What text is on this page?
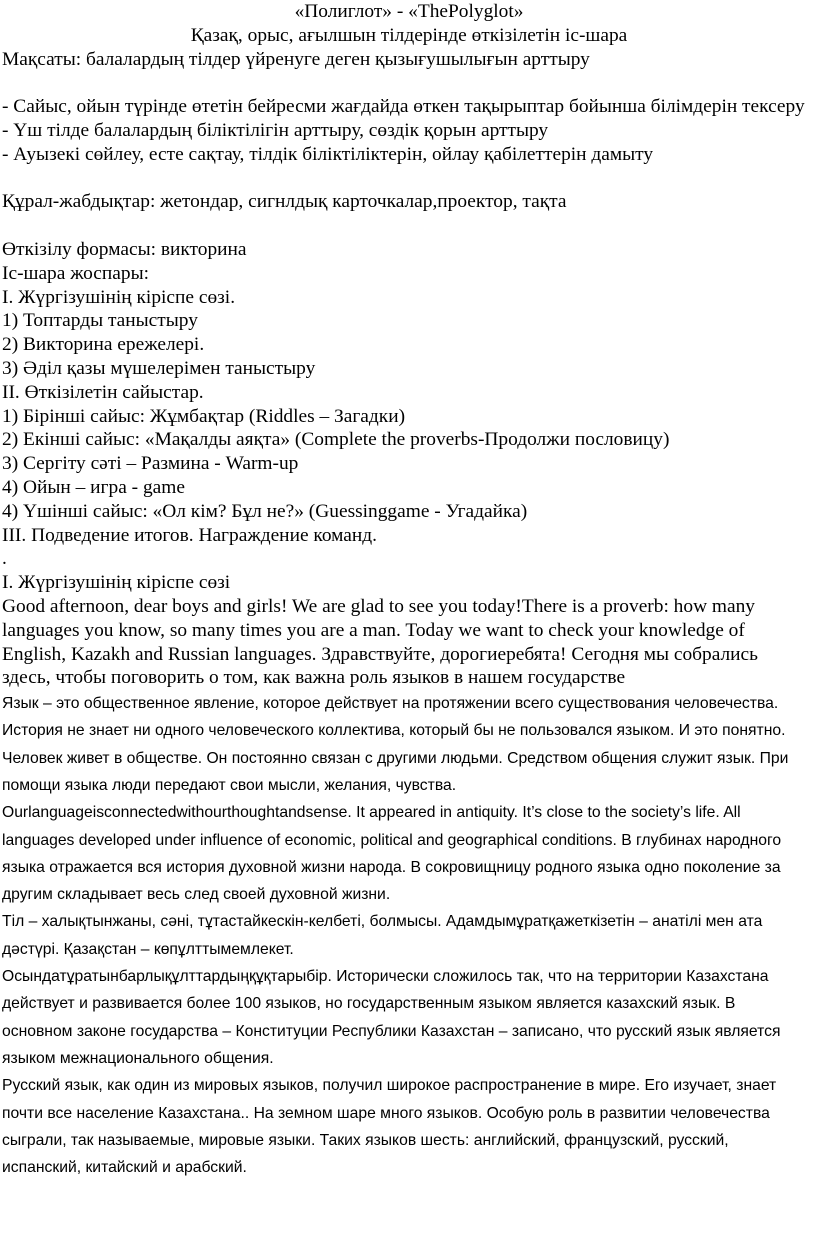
«Полиглот» - «ThePolyglot»
Қазақ, орыс, ағылшын тілдерінде өткізілетін іс-шара
Мақсаты: балалардың тілдер үйренуге деген қызығушылығын арттыру
- Сайыс, ойын түрінде өтетін бейресми жағдайда өткен тақырыптар бойынша білімдерін тексеру
- Үш тілде балалардың біліктілігін арттыру, сөздік қорын арттыру
- Ауызекі сөйлеу, есте сақтау, тілдік біліктіліктерін, ойлау қабілеттерін дамыту
Құрал-жабдықтар: жетондар, сигнлдық карточкалар,проектор, тақта
Өткізілу формасы: викторина
Іс-шара жоспары:
І. Жүргізушінің кіріспе сөзі.
1) Топтарды таныстыру
2) Викторина ережелері.
3) Әділ қазы мүшелерімен таныстыру
ІІ. Өткізілетін сайыстар.
1) Бірінші сайыс: Жұмбақтар (Riddles – Загадки)
2) Екінші сайыс: «Мақалды аяқта» (Complete the proverbs-Продолжи пословицу)
3) Сергіту сәті – Размина - Warm-up
4) Ойын – игра - game
4) Үшінші сайыс: «Ол кім? Бұл не?» (Guessinggame - Угадайка)
ІІІ. Подведение итогов. Награждение команд.
.
І. Жүргізушінің кіріспе сөзі
Good afternoon, dear boys and girls! We are glad to see you today!There is a proverb: how many languages you know, so many times you are a man. Today we want to check your knowledge of English, Kazakh and Russian languages. Здравствуйте, дорогиеребята! Сегодня мы собрались здесь, чтобы поговорить о том, как важна роль языков в нашем государстве
Язык – это общественное явление, которое действует на протяжении всего существования человечества. История не знает ни одного человеческого коллектива, который бы не пользовался языком. И это понятно. Человек живет в обществе. Он постоянно связан с другими людьми. Средством общения служит язык. При помощи языка люди передают свои мысли, желания, чувства. Ourlanguageisconnectedwithourthoughtandsense. It appeared in antiquity. It’s close to the society’s life. All languages developed under influence of economic, political and geographical conditions. В глубинах народного языка отражается вся история духовной жизни народа. В сокровищницу родного языка одно поколение за другим складывает весь след своей духовной жизни.
Тіл – халықтынжаны, сәні, тұтастайкескін-келбеті, болмысы. Адамдымұратқажеткізетін – анатілі мен ата дәстүрі. Қазақстан – көпұлттымемлекет.
Осындатұратынбарлықұлттардыңқұқтарыбір. Исторически сложилось так, что на территории Казахстана действует и развивается более 100 языков, но государственным языком является казахский язык. В основном законе государства – Конституции Республики Казахстан – записано, что русский язык является языком межнационального общения.
Русский язык, как один из мировых языков, получил широкое распространение в мире. Его изучает, знает почти все население Казахстана.. На земном шаре много языков. Особую роль в развитии человечества сыграли, так называемые, мировые языки. Таких языков шесть: английский, французский, русский, испанский, китайский и арабский.
